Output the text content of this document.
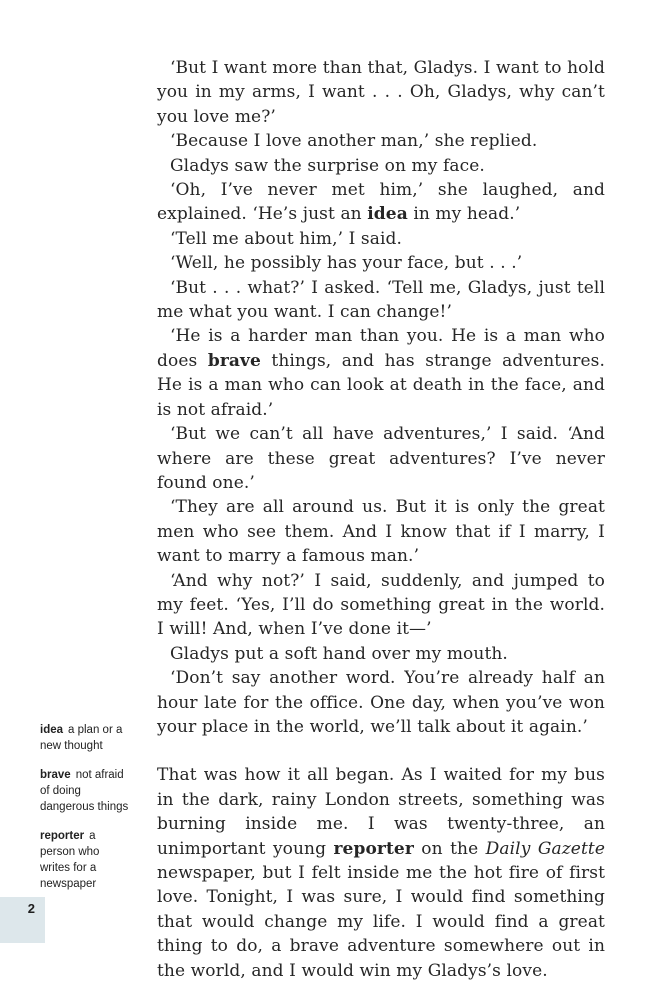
‘But I want more than that, Gladys. I want to hold you in my arms, I want . . . Oh, Gladys, why can’t you love me?’

‘Because I love another man,’ she replied.

Gladys saw the surprise on my face.

‘Oh, I’ve never met him,’ she laughed, and explained. ‘He’s just an idea in my head.’

‘Tell me about him,’ I said.

‘Well, he possibly has your face, but . . .’

‘But . . . what?’ I asked. ‘Tell me, Gladys, just tell me what you want. I can change!’

‘He is a harder man than you. He is a man who does brave things, and has strange adventures. He is a man who can look at death in the face, and is not afraid.’

‘But we can’t all have adventures,’ I said. ‘And where are these great adventures? I’ve never found one.’

‘They are all around us. But it is only the great men who see them. And I know that if I marry, I want to marry a famous man.’

‘And why not?’ I said, suddenly, and jumped to my feet. ‘Yes, I’ll do something great in the world. I will! And, when I’ve done it—’

Gladys put a soft hand over my mouth.

‘Don’t say another word. You’re already half an hour late for the office. One day, when you’ve won your place in the world, we’ll talk about it again.’

That was how it all began. As I waited for my bus in the dark, rainy London streets, something was burning inside me. I was twenty-three, an unimportant young reporter on the Daily Gazette newspaper, but I felt inside me the hot fire of first love. Tonight, I was sure, I would find something that would change my life. I would find a great thing to do, a brave adventure somewhere out in the world, and I would win my Gladys’s love.

idea a plan or a new thought
brave not afraid of doing dangerous things
reporter a person who writes for a newspaper
2
